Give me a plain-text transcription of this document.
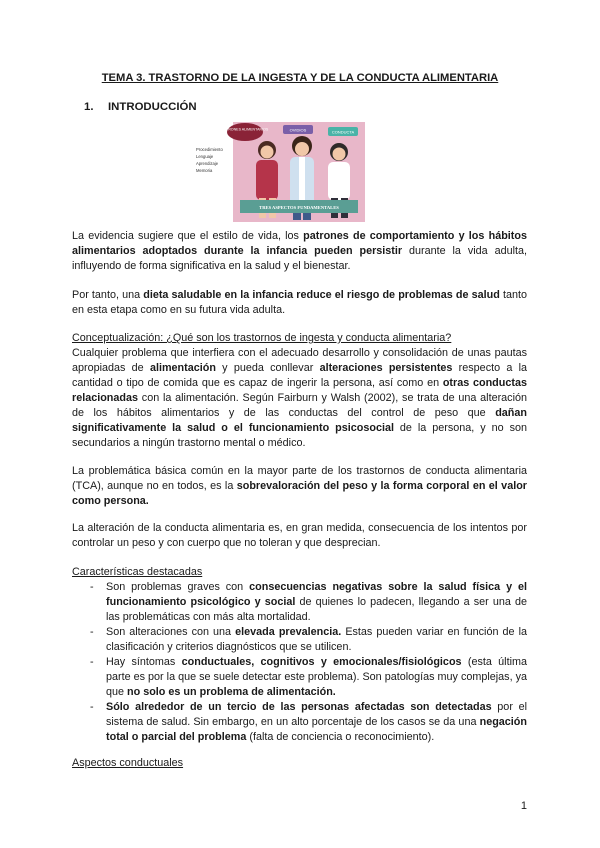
TEMA 3. TRASTORNO DE LA INGESTA Y DE LA CONDUCTA ALIMENTARIA
1. INTRODUCCIÓN
PATRONES ALIMENTARIOS	OVIDIOS	CONDUCTA
Procedimiento
Lenguaje
Aprendizaje
Memoria
TRES ASPECTOS FUNDAMENTALES

La evidencia sugiere que el estilo de vida, los patrones de comportamiento y los hábitos alimentarios adoptados durante la infancia pueden persistir durante la vida adulta, influyendo de forma significativa en la salud y el bienestar.

Por tanto, una dieta saludable en la infancia reduce el riesgo de problemas de salud tanto en esta etapa como en su futura vida adulta.

Conceptualización: ¿Qué son los trastornos de ingesta y conducta alimentaria?

Cualquier problema que interfiera con el adecuado desarrollo y consolidación de unas pautas apropiadas de alimentación y pueda conllevar alteraciones persistentes respecto a la cantidad o tipo de comida que es capaz de ingerir la persona, así como en otras conductas relacionadas con la alimentación. Según Fairburn y Walsh (2002), se trata de una alteración de los hábitos alimentarios y de las conductas del control de peso que dañan significativamente la salud o el funcionamiento psicosocial de la persona, y no son secundarios a ningún trastorno mental o médico.

La problemática básica común en la mayor parte de los trastornos de conducta alimentaria (TCA), aunque no en todos, es la sobrevaloración del peso y la forma corporal en el valor como persona.

La alteración de la conducta alimentaria es, en gran medida, consecuencia de los intentos por controlar un peso y con cuerpo que no toleran y que desprecian.

Características destacadas
- Son problemas graves con consecuencias negativas sobre la salud física y el funcionamiento psicológico y social de quienes lo padecen, llegando a ser una de las problemáticas con más alta mortalidad.
- Son alteraciones con una elevada prevalencia. Estas pueden variar en función de la clasificación y criterios diagnósticos que se utilicen.
- Hay síntomas conductuales, cognitivos y emocionales/fisiológicos (esta última parte es por la que se suele detectar este problema). Son patologías muy complejas, ya que no solo es un problema de alimentación.
- Sólo alrededor de un tercio de las personas afectadas son detectadas por el sistema de salud. Sin embargo, en un alto porcentaje de los casos se da una negación total o parcial del problema (falta de conciencia o reconocimiento).
Aspectos conductuales
1
